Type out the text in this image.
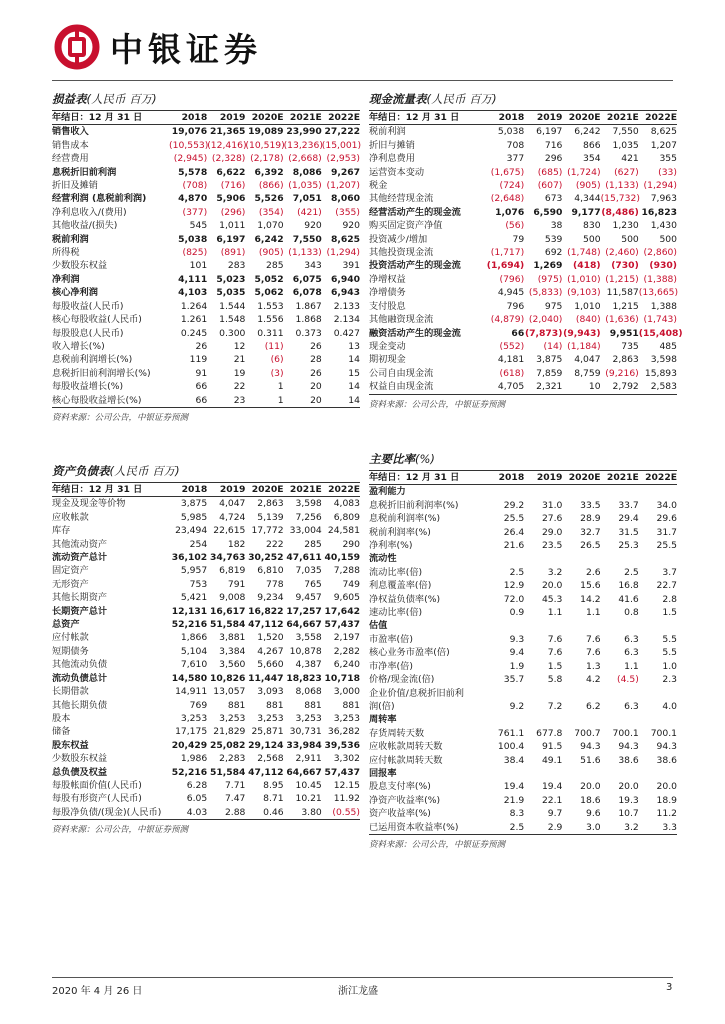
中银证券
损益表(人民币 百万)
年结日：12 月 31 日	2018	2019	2020E	2021E	2022E
销售收入	19,076	21,365	19,089	23,990	27,222
销售成本	(10,553)	(12,416)	(10,519)	(13,236)	(15,001)
经营费用	(2,945)	(2,328)	(2,178)	(2,668)	(2,953)
息税折旧前利润	5,578	6,622	6,392	8,086	9,267
折旧及摊销	(708)	(716)	(866)	(1,035)	(1,207)
经营利润 (息税前利润)	4,870	5,906	5,526	7,051	8,060
净利息收入/(费用)	(377)	(296)	(354)	(421)	(355)
其他收益/(损失)	545	1,011	1,070	920	920
税前利润	5,038	6,197	6,242	7,550	8,625
所得税	(825)	(891)	(905)	(1,133)	(1,294)
少数股东权益	101	283	285	343	391
净利润	4,111	5,023	5,052	6,075	6,940
核心净利润	4,103	5,035	5,062	6,078	6,943
每股收益(人民币)	1.264	1.544	1.553	1.867	2.133
核心每股收益(人民币)	1.261	1.548	1.556	1.868	2.134
每股股息(人民币)	0.245	0.300	0.311	0.373	0.427
收入增长(%)	26	12	(11)	26	13
息税前利润增长(%)	119	21	(6)	28	14
息税折旧前利润增长(%)	91	19	(3)	26	15
每股收益增长(%)	66	22	1	20	14
核心每股收益增长(%)	66	23	1	20	14
资料来源：公司公告，中银证券预测
资产负债表(人民币 百万)
年结日：12 月 31 日	2018	2019	2020E	2021E	2022E
现金及现金等价物	3,875	4,047	2,863	3,598	4,083
应收帐款	5,985	4,724	5,139	7,256	6,809
库存	23,494	22,615	17,772	33,004	24,581
其他流动资产	254	182	222	285	290
流动资产总计	36,102	34,763	30,252	47,611	40,159
固定资产	5,957	6,819	6,810	7,035	7,288
无形资产	753	791	778	765	749
其他长期资产	5,421	9,008	9,234	9,457	9,605
长期资产总计	12,131	16,617	16,822	17,257	17,642
总资产	52,216	51,584	47,112	64,667	57,437
应付帐款	1,866	3,881	1,520	3,558	2,197
短期债务	5,104	3,384	4,267	10,878	2,282
其他流动负债	7,610	3,560	5,660	4,387	6,240
流动负债总计	14,580	10,826	11,447	18,823	10,718
长期借款	14,911	13,057	3,093	8,068	3,000
其他长期负债	769	881	881	881	881
股本	3,253	3,253	3,253	3,253	3,253
储备	17,175	21,829	25,871	30,731	36,282
股东权益	20,429	25,082	29,124	33,984	39,536
少数股东权益	1,986	2,283	2,568	2,911	3,302
总负债及权益	52,216	51,584	47,112	64,667	57,437
每股帐面价值(人民币)	6.28	7.71	8.95	10.45	12.15
每股有形资产(人民币)	6.05	7.47	8.71	10.21	11.92
每股净负债/(现金)(人民币)	4.03	2.88	0.46	3.80	(0.55)
资料来源：公司公告，中银证券预测
现金流量表(人民币 百万)
年结日：12 月 31 日	2018	2019	2020E	2021E	2022E
税前利润	5,038	6,197	6,242	7,550	8,625
折旧与摊销	708	716	866	1,035	1,207
净利息费用	377	296	354	421	355
运营资本变动	(1,675)	(685)	(1,724)	(627)	(33)
税金	(724)	(607)	(905)	(1,133)	(1,294)
其他经营现金流	(2,648)	673	4,344	(15,732)	7,963
经营活动产生的现金流	1,076	6,590	9,177	(8,486)	16,823
购买固定资产净值	(56)	38	830	1,230	1,430
投资减少/增加	79	539	500	500	500
其他投资现金流	(1,717)	692	(1,748)	(2,460)	(2,860)
投资活动产生的现金流	(1,694)	1,269	(418)	(730)	(930)
净增权益	(796)	(975)	(1,010)	(1,215)	(1,388)
净增债务	4,945	(5,833)	(9,103)	11,587	(13,665)
支付股息	796	975	1,010	1,215	1,388
其他融资现金流	(4,879)	(2,040)	(840)	(1,636)	(1,743)
融资活动产生的现金流	66	(7,873)	(9,943)	9,951	(15,408)
现金变动	(552)	(14)	(1,184)	735	485
期初现金	4,181	3,875	4,047	2,863	3,598
公司自由现金流	(618)	7,859	8,759	(9,216)	15,893
权益自由现金流	4,705	2,321	10	2,792	2,583
资料来源：公司公告，中银证券预测
主要比率(%)
年结日：12 月 31 日	2018	2019	2020E	2021E	2022E
盈利能力					
息税折旧前利润率(%)	29.2	31.0	33.5	33.7	34.0
息税前利润率(%)	25.5	27.6	28.9	29.4	29.6
税前利润率(%)	26.4	29.0	32.7	31.5	31.7
净利率(%)	21.6	23.5	26.5	25.3	25.5
流动性					
流动比率(倍)	2.5	3.2	2.6	2.5	3.7
利息覆盖率(倍)	12.9	20.0	15.6	16.8	22.7
净权益负债率(%)	72.0	45.3	14.2	41.6	2.8
速动比率(倍)	0.9	1.1	1.1	0.8	1.5
估值					
市盈率(倍)	9.3	7.6	7.6	6.3	5.5
核心业务市盈率(倍)	9.4	7.6	7.6	6.3	5.5
市净率(倍)	1.9	1.5	1.3	1.1	1.0
价格/现金流(倍)	35.7	5.8	4.2	(4.5)	2.3
企业价值/息税折旧前利					
润(倍)	9.2	7.2	6.2	6.3	4.0
周转率					
存货周转天数	761.1	677.8	700.7	700.1	700.1
应收帐款周转天数	100.4	91.5	94.3	94.3	94.3
应付帐款周转天数	38.4	49.1	51.6	38.6	38.6
回报率					
股息支付率(%)	19.4	19.4	20.0	20.0	20.0
净资产收益率(%)	21.9	22.1	18.6	19.3	18.9
资产收益率(%)	8.3	9.7	9.6	10.7	11.2
已运用资本收益率(%)	2.5	2.9	3.0	3.2	3.3
资料来源：公司公告，中银证券预测
2020 年 4 月 26 日	浙江龙盛	3
